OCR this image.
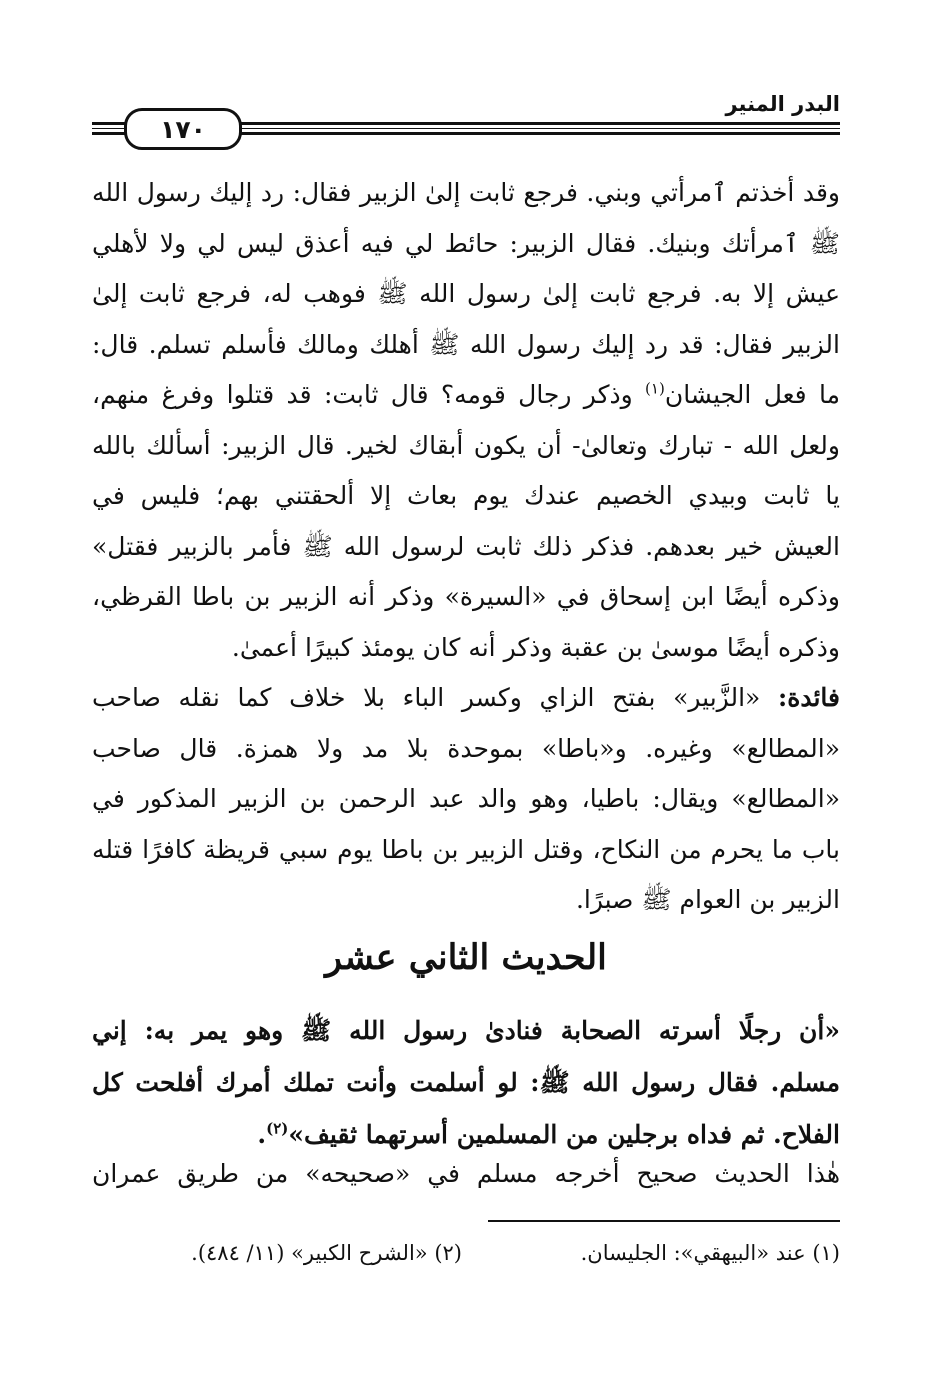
البدر المنير
١٧٠
وقد أخذتم ٱمرأتي وبني. فرجع ثابت إلىٰ الزبير فقال: رد إليك رسول الله
ﷺ ٱمرأتك وبنيك. فقال الزبير: حائط لي فيه أعذق ليس لي ولا لأهلي
عيش إلا به. فرجع ثابت إلىٰ رسول الله ﷺ فوهب له، فرجع ثابت إلىٰ
الزبير فقال: قد رد إليك رسول الله ﷺ أهلك ومالك فأسلم تسلم. قال:
ما فعل الجيشان$^{(١)}$ وذكر رجال قومه؟ قال ثابت: قد قتلوا وفرغ منهم،
ولعل الله - تبارك وتعالىٰ- أن يكون أبقاك لخير. قال الزبير: أسألك بالله
يا ثابت وبيدي الخصيم عندك يوم بعاث إلا ألحقتني بهم؛ فليس في
العيش خير بعدهم. فذكر ذلك ثابت لرسول الله ﷺ فأمر بالزبير فقتل»
وذكره أيضًا ابن إسحاق في «السيرة» وذكر أنه الزبير بن باطا القرظي،
وذكره أيضًا موسىٰ بن عقبة وذكر أنه كان يومئذ كبيرًا أعمىٰ.
فائدة: «الزَّبير» بفتح الزاي وكسر الباء بلا خلاف كما نقله صاحب
«المطالع» وغيره. و«باطا» بموحدة بلا مد ولا همزة. قال صاحب
«المطالع» ويقال: باطيا، وهو والد عبد الرحمن بن الزبير المذكور في
باب ما يحرم من النكاح، وقتل الزبير بن باطا يوم سبي قريظة كافرًا قتله
الزبير بن العوام ﷺ صبرًا.
الحديث الثاني عشر
«أن رجلًا أسرته الصحابة فنادىٰ رسول الله ﷺ وهو يمر به: إني
مسلم. فقال رسول الله ﷺ: لو أسلمت وأنت تملك أمرك أفلحت كل
الفلاح. ثم فداه برجلين من المسلمين أسرتهما ثقيف»$^{(٢)}$.
هٰذا الحديث صحيح أخرجه مسلم في «صحيحه» من طريق عمران
(١) عند «البيهقي»: الجليسان.
(٢) «الشرح الكبير» (١١/ ٤٨٤).
